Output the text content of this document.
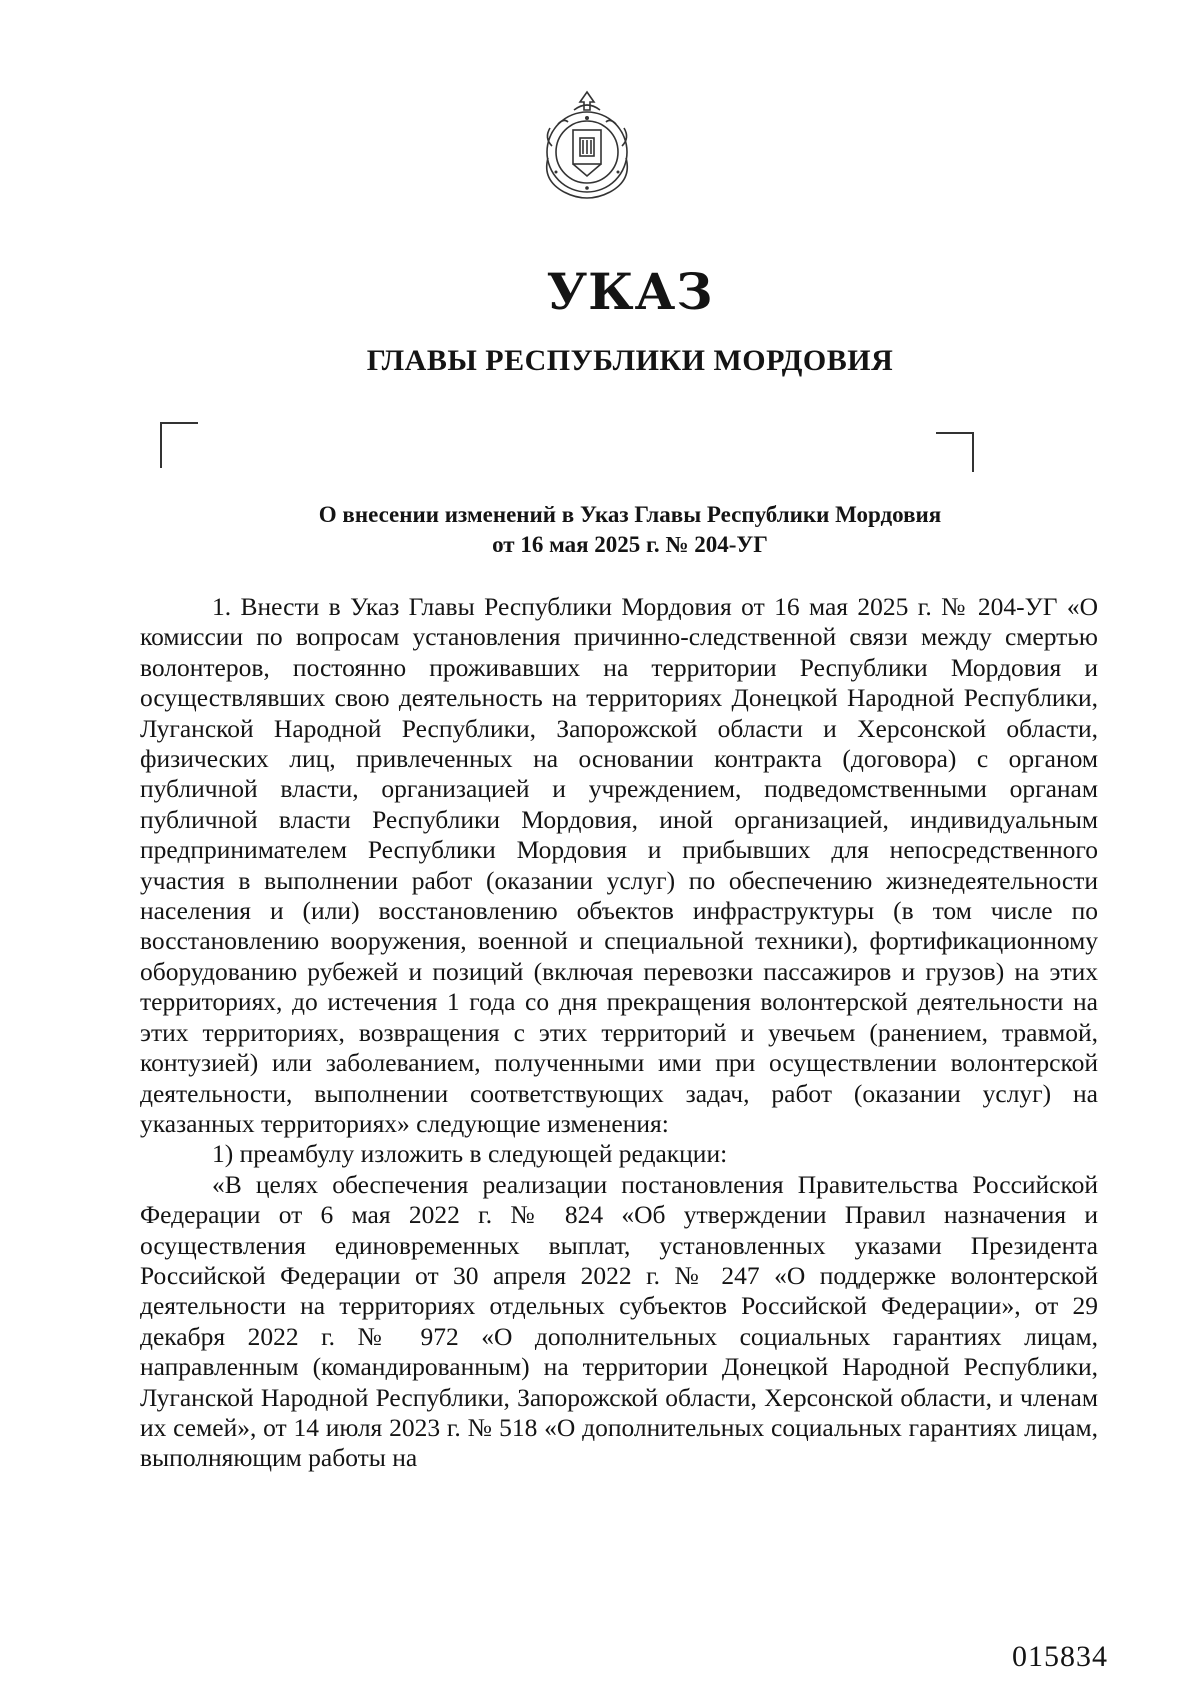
УКАЗ
ГЛАВЫ РЕСПУБЛИКИ МОРДОВИЯ
О внесении изменений в Указ Главы Республики Мордовия
от 16 мая 2025 г. № 204-УГ

1. Внести в Указ Главы Республики Мордовия от 16 мая 2025 г. № 204-УГ «О комиссии по вопросам установления причинно-следственной связи между смертью волонтеров, постоянно проживавших на территории Республики Мордовия и осуществлявших свою деятельность на территориях Донецкой Народной Республики, Луганской Народной Республики, Запорожской области и Херсонской области, физических лиц, привлеченных на основании контракта (договора) с органом публичной власти, организацией и учреждением, подведомственными органам публичной власти Республики Мордовия, иной организацией, индивидуальным предпринимателем Республики Мордовия и прибывших для непосредственного участия в выполнении работ (оказании услуг) по обеспечению жизнедеятельности населения и (или) восстановлению объектов инфраструктуры (в том числе по восстановлению вооружения, военной и специальной техники), фортификационному оборудованию рубежей и позиций (включая перевозки пассажиров и грузов) на этих территориях, до истечения 1 года со дня прекращения волонтерской деятельности на этих территориях, возвращения с этих территорий и увечьем (ранением, травмой, контузией) или заболеванием, полученными ими при осуществлении волонтерской деятельности, выполнении соответствующих задач, работ (оказании услуг) на указанных территориях» следующие изменения:

1) преамбулу изложить в следующей редакции:

«В целях обеспечения реализации постановления Правительства Российской Федерации от 6 мая 2022 г. № 824 «Об утверждении Правил назначения и осуществления единовременных выплат, установленных указами Президента Российской Федерации от 30 апреля 2022 г. № 247 «О поддержке волонтерской деятельности на территориях отдельных субъектов Российской Федерации», от 29 декабря 2022 г. № 972 «О дополнительных социальных гарантиях лицам, направленным (командированным) на территории Донецкой Народной Республики, Луганской Народной Республики, Запорожской области, Херсонской области, и членам их семей», от 14 июля 2023 г. № 518 «О дополнительных социальных гарантиях лицам, выполняющим работы на

015834
